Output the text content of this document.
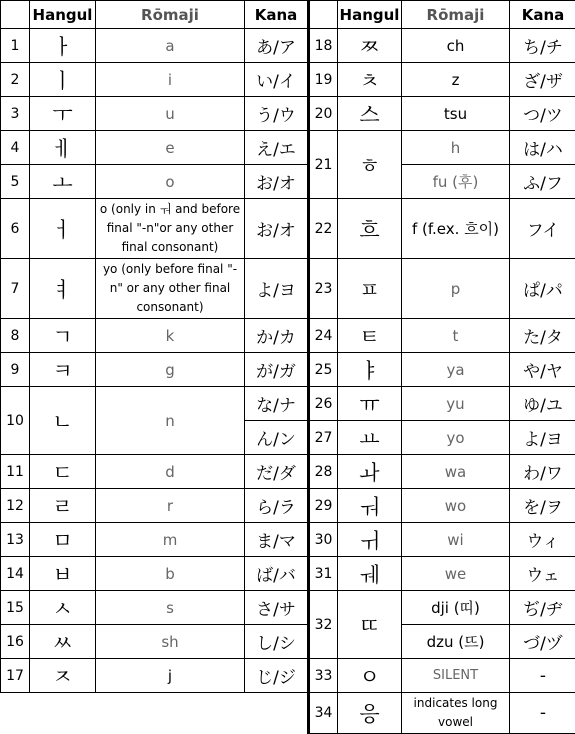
	Hangul	Rōmaji	Kana
1	ㅏ	a	あ/ア
2	ㅣ	i	い/イ
3	ㅜ	u	う/ウ
4	ㅔ	e	え/エ
5	ㅗ	o	お/オ
6	ㅓ	o (only in ㅝ and before final "-n"or any other final consonant)	お/オ
7	ㅕ	yo (only before final "-n" or any other final consonant)	よ/ヨ
8	ㄱ	k	か/カ
9	ㅋ	g	が/ガ
10	ㄴ	n	な/ナ
			ん/ン
11	ㄷ	d	だ/ダ
12	ㄹ	r	ら/ラ
13	ㅁ	m	ま/マ
14	ㅂ	b	ば/バ
15	ㅅ	s	さ/サ
16	ㅆ	sh	し/シ
17	ㅈ	j	じ/ジ
	Hangul	Rōmaji	Kana
18	ㅉ	ch	ち/チ
19	ㅊ	z	ざ/ザ
20	스	tsu	つ/ツ
21	ㅎ	h	は/ハ
		fu (후)	ふ/フ
22	흐	f (f.ex. 흐이)	フイ
23	ㅍ	p	ぱ/パ
24	ㅌ	t	た/タ
25	ㅑ	ya	や/ヤ
26	ㅠ	yu	ゆ/ユ
27	ㅛ	yo	よ/ヨ
28	ㅘ	wa	わ/ワ
29	ㅝ	wo	を/ヲ
30	ㅟ	wi	ウィ
31	ㅞ	we	ウェ
32	ㄸ	dji (띠)	ぢ/ヂ
		dzu (뜨)	づ/ヅ
33	ㅇ	SILENT	-
34	응	indicates long vowel	-
